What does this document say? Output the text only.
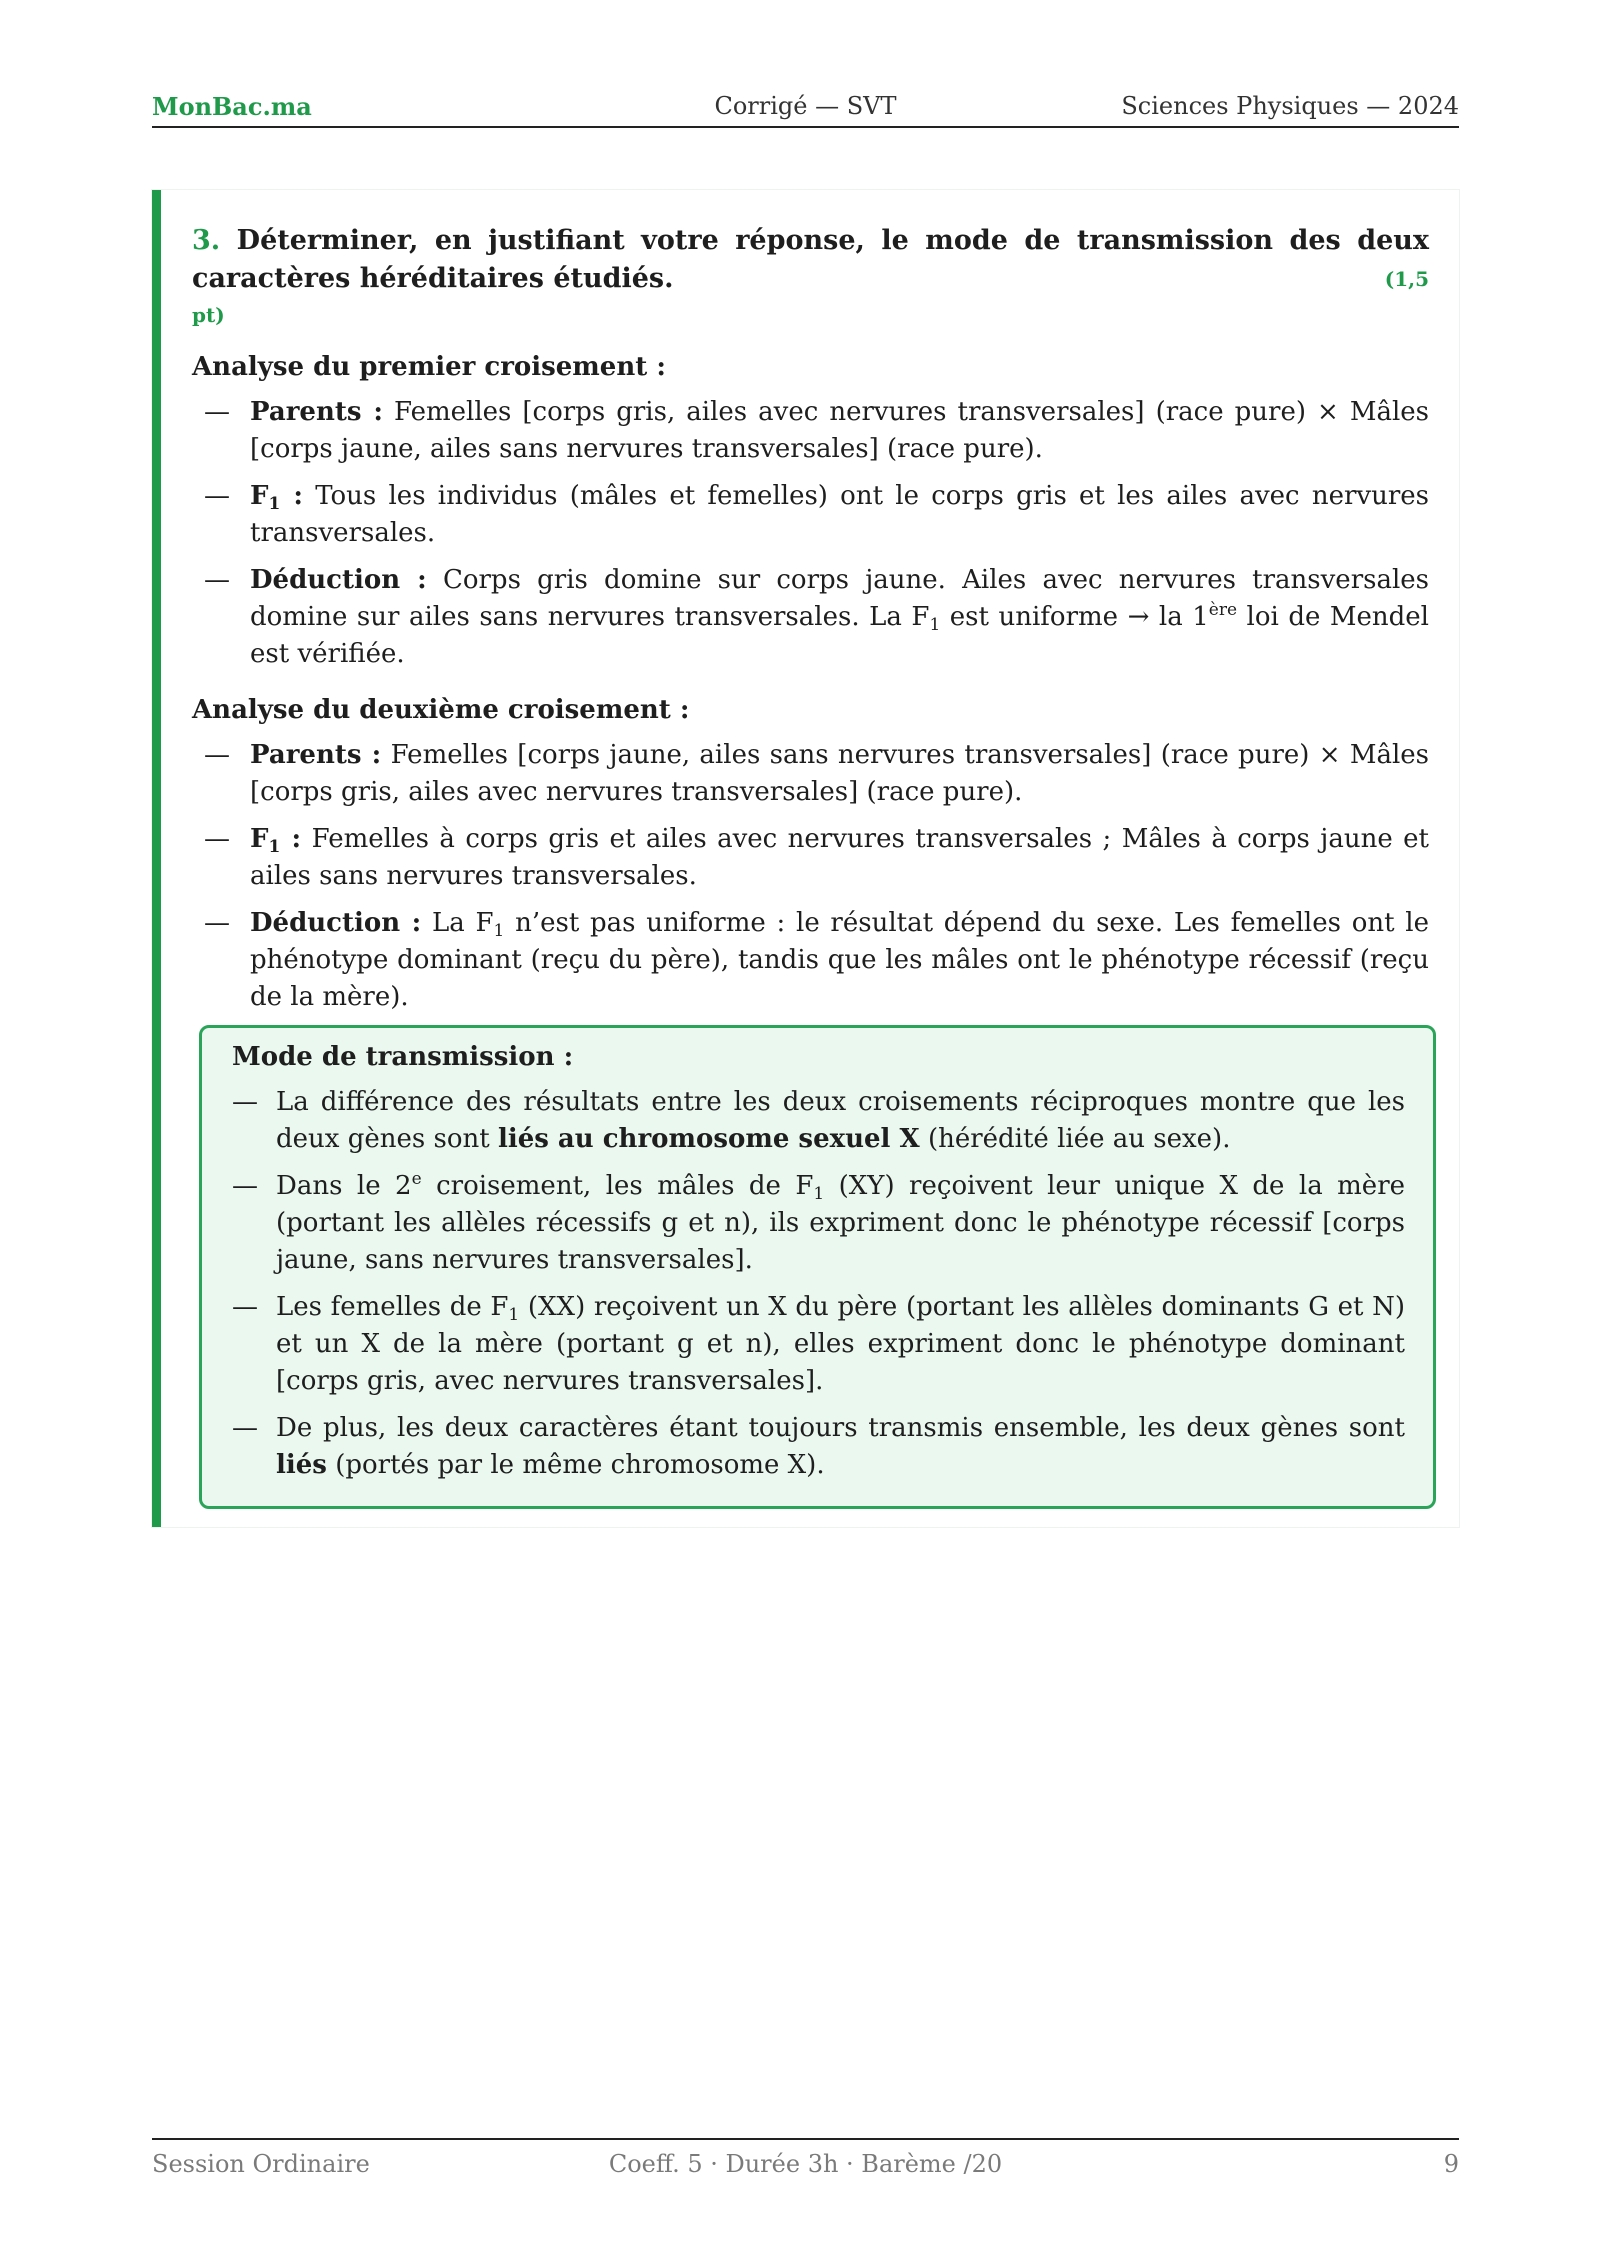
MonBac.ma	Corrigé — SVT	Sciences Physiques — 2024
3. Déterminer, en justifiant votre réponse, le mode de transmission des deux caractères héréditaires étudiés.	(1,5
pt)
Analyse du premier croisement :
— Parents : Femelles [corps gris, ailes avec nervures transversales] (race pure) × Mâles [corps jaune, ailes sans nervures transversales] (race pure).
— $F_1$ : Tous les individus (mâles et femelles) ont le corps gris et les ailes avec nervures transversales.
— Déduction : Corps gris domine sur corps jaune. Ailes avec nervures transversales domine sur ailes sans nervures transversales. La $F_1$ est uniforme → la 1ère loi de Mendel est vérifiée.
Analyse du deuxième croisement :
— Parents : Femelles [corps jaune, ailes sans nervures transversales] (race pure) × Mâles [corps gris, ailes avec nervures transversales] (race pure).
— $F_1$ : Femelles à corps gris et ailes avec nervures transversales ; Mâles à corps jaune et ailes sans nervures transversales.
— Déduction : La $F_1$ n’est pas uniforme : le résultat dépend du sexe. Les femelles ont le phénotype dominant (reçu du père), tandis que les mâles ont le phénotype récessif (reçu de la mère).
Mode de transmission :
— La différence des résultats entre les deux croisements réciproques montre que les deux gènes sont liés au chromosome sexuel X (hérédité liée au sexe).
— Dans le 2e croisement, les mâles de $F_1$ (XY) reçoivent leur unique X de la mère (portant les allèles récessifs g et n), ils expriment donc le phénotype récessif [corps jaune, sans nervures transversales].
— Les femelles de $F_1$ (XX) reçoivent un X du père (portant les allèles dominants G et N) et un X de la mère (portant g et n), elles expriment donc le phénotype dominant [corps gris, avec nervures transversales].
— De plus, les deux caractères étant toujours transmis ensemble, les deux gènes sont liés (portés par le même chromosome X).
Session Ordinaire	Coeff. 5 · Durée 3h · Barème /20	9
